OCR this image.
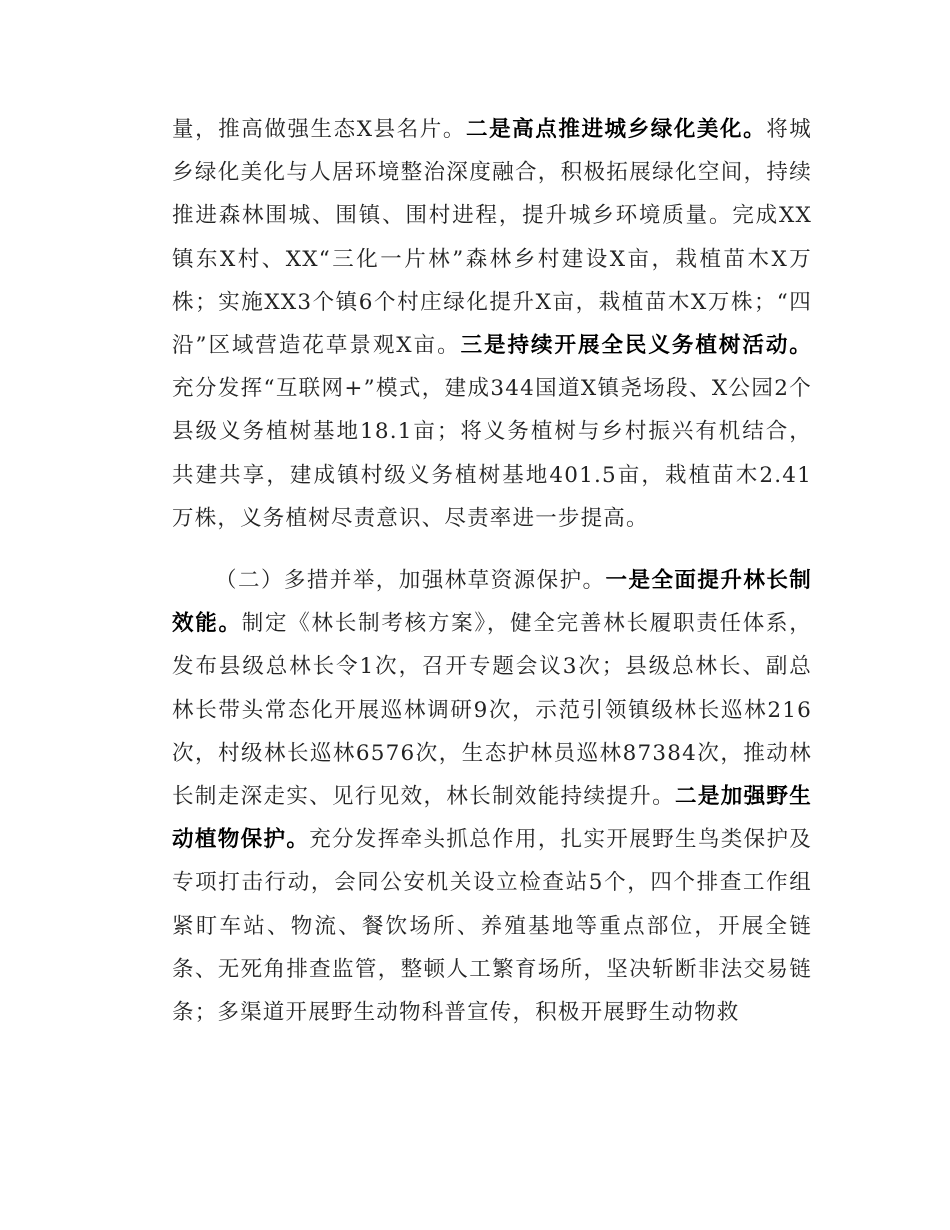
量，推高做强生态X县名片。二是高点推进城乡绿化美化。将城乡绿化美化与人居环境整治深度融合，积极拓展绿化空间，持续推进森林围城、围镇、围村进程，提升城乡环境质量。完成XX镇东X村、XX“三化一片林”森林乡村建设X亩，栽植苗木X万株；实施XX3个镇6个村庄绿化提升X亩，栽植苗木X万株；“四沿”区域营造花草景观X亩。三是持续开展全民义务植树活动。充分发挥“互联网+”模式，建成344国道X镇尧场段、X公园2个县级义务植树基地18.1亩；将义务植树与乡村振兴有机结合，共建共享，建成镇村级义务植树基地401.5亩，栽植苗木2.41万株，义务植树尽责意识、尽责率进一步提高。

（二）多措并举，加强林草资源保护。一是全面提升林长制效能。制定《林长制考核方案》，健全完善林长履职责任体系，发布县级总林长令1次，召开专题会议3次；县级总林长、副总林长带头常态化开展巡林调研9次，示范引领镇级林长巡林216次，村级林长巡林6576次，生态护林员巡林87384次，推动林长制走深走实、见行见效，林长制效能持续提升。二是加强野生动植物保护。充分发挥牵头抓总作用，扎实开展野生鸟类保护及专项打击行动，会同公安机关设立检查站5个，四个排查工作组紧盯车站、物流、餐饮场所、养殖基地等重点部位，开展全链条、无死角排查监管，整顿人工繁育场所，坚决斩断非法交易链条；多渠道开展野生动物科普宣传，积极开展野生动物救
